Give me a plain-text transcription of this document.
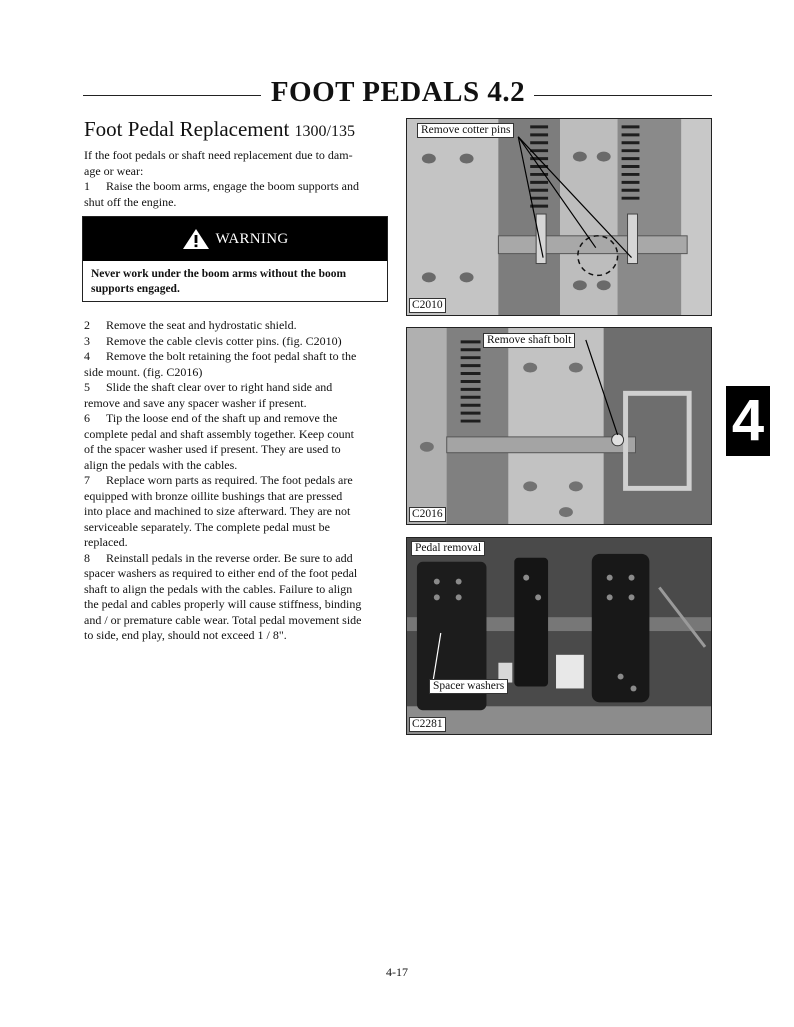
FOOT PEDALS 4.2
Foot Pedal Replacement 1300/135

If the foot pedals or shaft need replacement due to dam-

age or wear:

1 Raise the boom arms, engage the boom supports and

shut off the engine.

WARNING
Never work under the boom arms without the boom
supports engaged.

2 Remove the seat and hydrostatic shield.

3 Remove the cable clevis cotter pins. (fig. C2010)

4 Remove the bolt retaining the foot pedal shaft to the

side mount. (fig. C2016)

5 Slide the shaft clear over to right hand side and

remove and save any spacer washer if present.

6 Tip the loose end of the shaft up and remove the

complete pedal and shaft assembly together. Keep count

of the spacer washer used if present. They are used to

align the pedals with the cables.

7 Replace worn parts as required. The foot pedals are

equipped with bronze oillite bushings that are pressed

into place and machined to size afterward. They are not

serviceable separately. The complete pedal must be

replaced.

8 Reinstall pedals in the reverse order. Be sure to add

spacer washers as required to either end of the foot pedal

shaft to align the pedals with the cables. Failure to align

the pedal and cables properly will cause stiffness, binding

and / or premature cable wear. Total pedal movement side

to side, end play, should not exceed 1 / 8".

Remove cotter pins
C2010
Remove shaft bolt
C2016
Pedal removal
Spacer washers
C2281
4
4-17
